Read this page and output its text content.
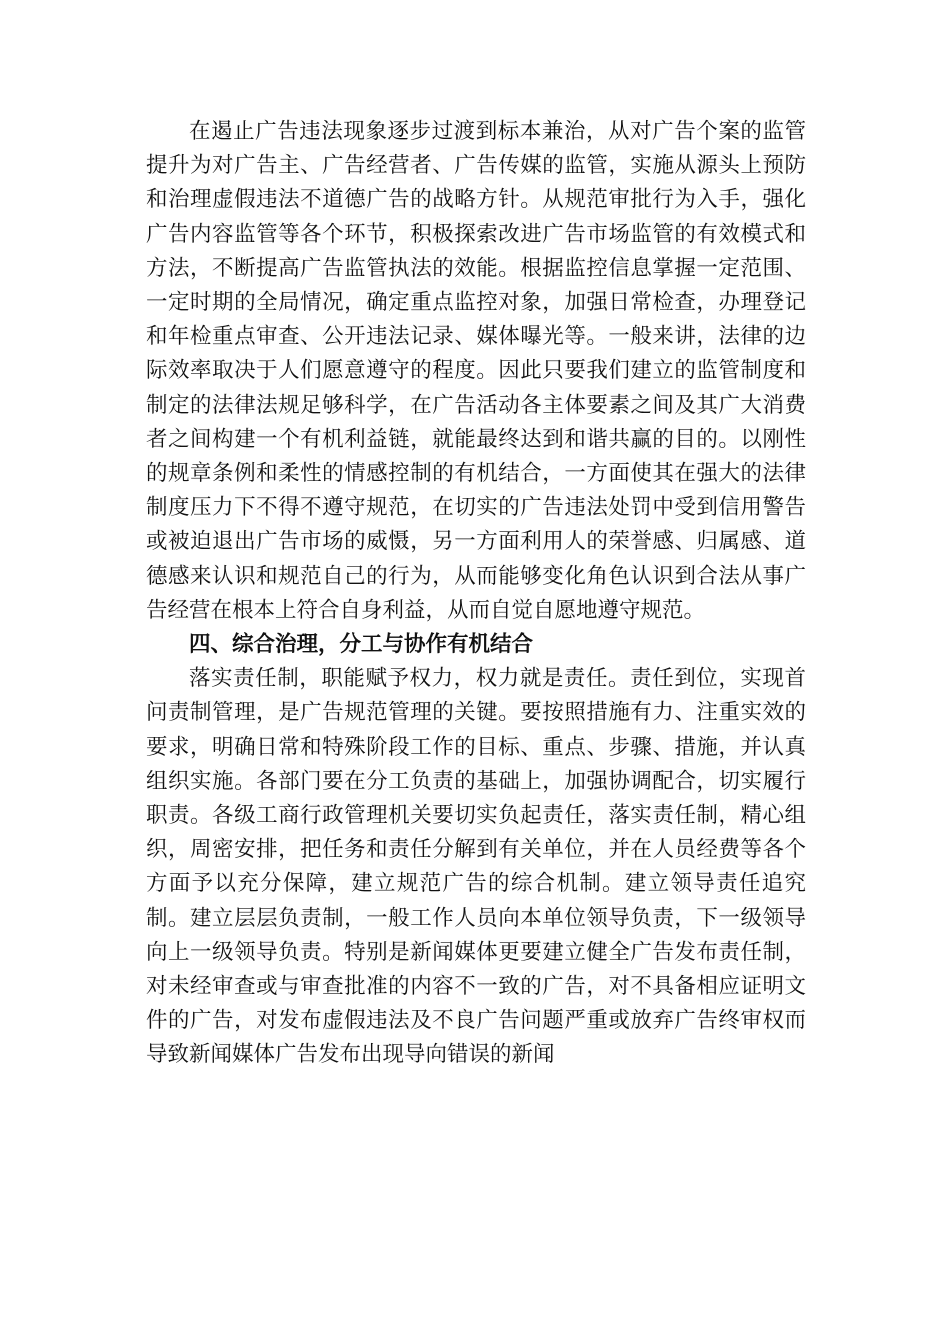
在遏止广告违法现象逐步过渡到标本兼治，从对广告个案的监管提升为对广告主、广告经营者、广告传媒的监管，实施从源头上预防和治理虚假违法不道德广告的战略方针。从规范审批行为入手，强化广告内容监管等各个环节，积极探索改进广告市场监管的有效模式和方法，不断提高广告监管执法的效能。根据监控信息掌握一定范围、一定时期的全局情况，确定重点监控对象，加强日常检查，办理登记和年检重点审查、公开违法记录、媒体曝光等。一般来讲，法律的边际效率取决于人们愿意遵守的程度。因此只要我们建立的监管制度和制定的法律法规足够科学，在广告活动各主体要素之间及其广大消费者之间构建一个有机利益链，就能最终达到和谐共赢的目的。以刚性的规章条例和柔性的情感控制的有机结合，一方面使其在强大的法律制度压力下不得不遵守规范，在切实的广告违法处罚中受到信用警告或被迫退出广告市场的威慑，另一方面利用人的荣誉感、归属感、道德感来认识和规范自己的行为，从而能够变化角色认识到合法从事广告经营在根本上符合自身利益，从而自觉自愿地遵守规范。

四、综合治理，分工与协作有机结合

落实责任制，职能赋予权力，权力就是责任。责任到位，实现首问责制管理，是广告规范管理的关键。要按照措施有力、注重实效的要求，明确日常和特殊阶段工作的目标、重点、步骤、措施，并认真组织实施。各部门要在分工负责的基础上，加强协调配合，切实履行职责。各级工商行政管理机关要切实负起责任，落实责任制，精心组织，周密安排，把任务和责任分解到有关单位，并在人员经费等各个方面予以充分保障，建立规范广告的综合机制。建立领导责任追究制。建立层层负责制，一般工作人员向本单位领导负责，下一级领导向上一级领导负责。特别是新闻媒体更要建立健全广告发布责任制，对未经审查或与审查批准的内容不一致的广告，对不具备相应证明文件的广告，对发布虚假违法及不良广告问题严重或放弃广告终审权而导致新闻媒体广告发布出现导向错误的新闻
